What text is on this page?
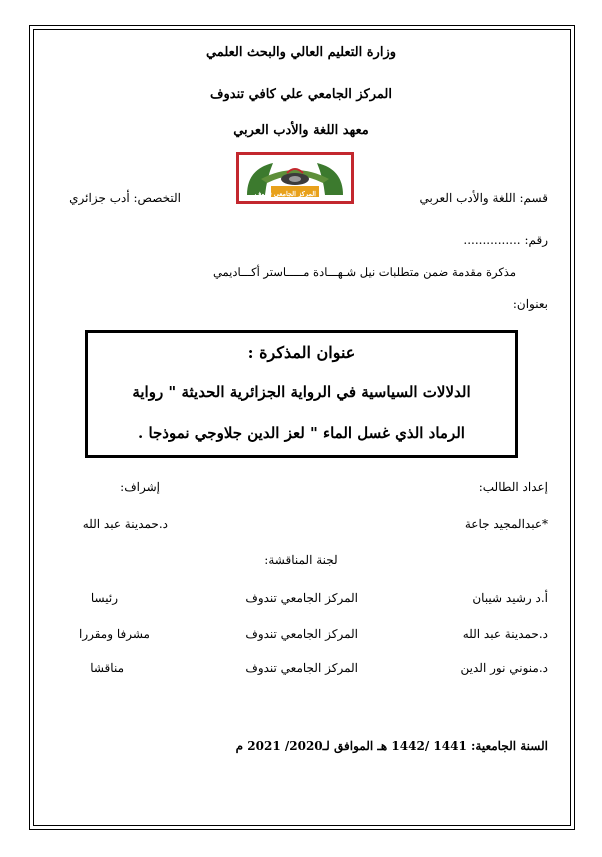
وزارة التعليم العالي والبحث العلمي
المركز الجامعي علي كافي تندوف
معهد اللغة والأدب العربي
قسم: اللغة والأدب العربي
المركز الجامعي تندوف
التخصص: أدب جزائري
رقم: ...............
مذكرة مقدمة ضمن متطلبات نيل شـهـــادة مـــــاستر أكـــاديمي
بعنوان:
عنوان المذكرة :
الدلالات السياسية في الرواية الجزائرية الحديثة " رواية
الرماد الذي غسل الماء " لعز الدين جلاوجي نموذجا .
إعداد الطالب:
إشراف:
*عبدالمجيد جاعة
د.حمدينة عبد الله
لجنة المناقشة:
أ.د رشيد شيبان
المركز الجامعي تندوف
رئيسا
د.حمدينة عبد الله
المركز الجامعي تندوف
مشرفا ومقررا
د.منوني نور الدين
المركز الجامعي تندوف
مناقشا
السنة الجامعية: 1441 /1442 هـ الموافق لـ2020/ 2021 م
